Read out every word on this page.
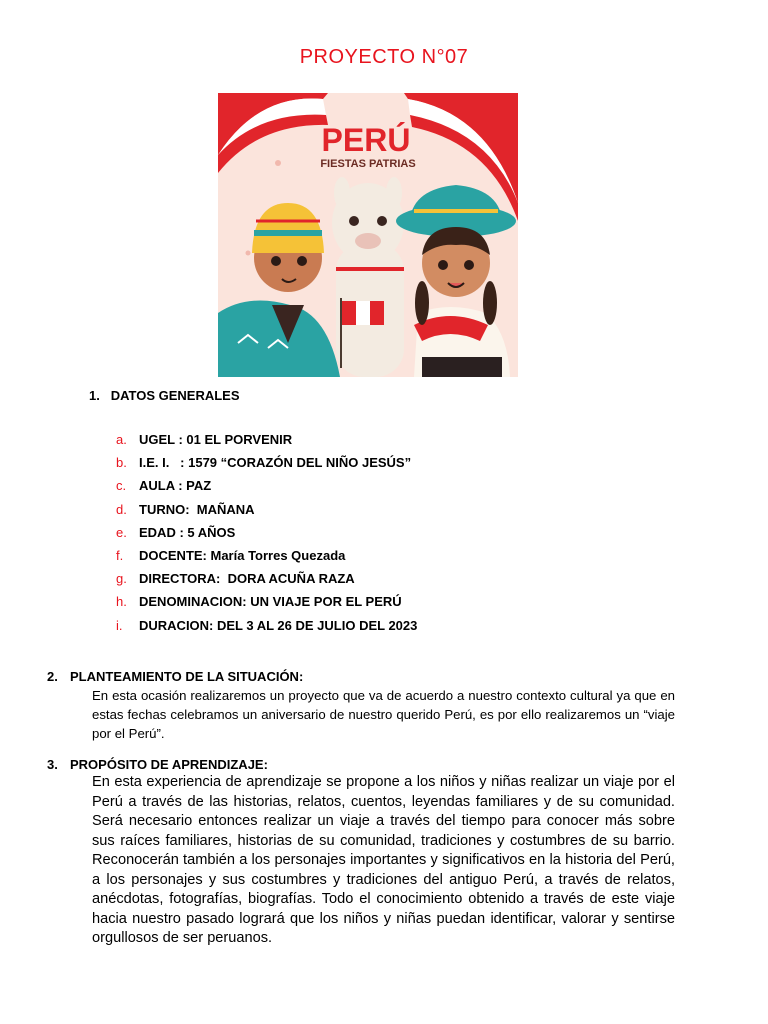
PROYECTO N°07
PERÚ
FIESTAS PATRIAS
1. DATOS GENERALES
a. UGEL : 01 EL PORVENIR
b. I.E. I.   : 1579 “CORAZÓN DEL NIÑO JESÚS”
c. AULA : PAZ
d. TURNO:  MAÑANA
e. EDAD : 5 AÑOS
f. DOCENTE: María Torres Quezada
g. DIRECTORA:  DORA ACUÑA RAZA
h. DENOMINACION: UN VIAJE POR EL PERÚ
i. DURACION: DEL 3 AL 26 DE JULIO DEL 2023
2. PLANTEAMIENTO DE LA SITUACIÓN:
En esta ocasión realizaremos un proyecto que va de acuerdo a nuestro contexto cultural ya que en estas fechas celebramos un aniversario de nuestro querido Perú, es por ello realizaremos un “viaje por el Perú”.
3. PROPÓSITO DE APRENDIZAJE:
En esta experiencia de aprendizaje se propone a los niños y niñas realizar un viaje por el Perú a través de las historias, relatos, cuentos, leyendas familiares y de su comunidad. Será necesario entonces realizar un viaje a través del tiempo para conocer más sobre sus raíces familiares, historias de su comunidad, tradiciones y costumbres de su barrio. Reconocerán también a los personajes importantes y significativos en la historia del Perú, a los personajes y sus costumbres y tradiciones del antiguo Perú, a través de relatos, anécdotas, fotografías, biografías. Todo el conocimiento obtenido a través de este viaje hacia nuestro pasado logrará que los niños y niñas puedan identificar, valorar y sentirse orgullosos de ser peruanos.
